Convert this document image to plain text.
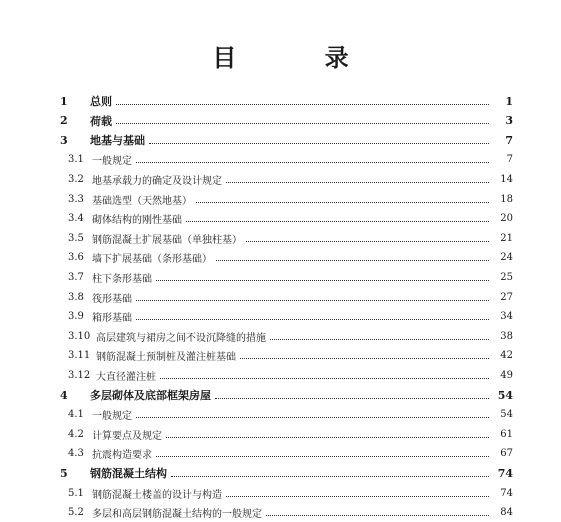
目 录
1	总则	1
2	荷载	3
3	地基与基础	7
3.1 一般规定	7
3.2 地基承载力的确定及设计规定	14
3.3 基础选型（天然地基）	18
3.4 砌体结构的刚性基础	20
3.5 钢筋混凝土扩展基础（单独柱基）	21
3.6 墙下扩展基础（条形基础）	24
3.7 柱下条形基础	25
3.8 筏形基础	27
3.9 箱形基础	34
3.10 高层建筑与裙房之间不设沉降缝的措施	38
3.11 钢筋混凝土预制桩及灌注桩基础	42
3.12 大直径灌注桩	49
4	多层砌体及底部框架房屋	54
4.1 一般规定	54
4.2 计算要点及规定	61
4.3 抗震构造要求	67
5	钢筋混凝土结构	74
5.1 钢筋混凝土楼盖的设计与构造	74
5.2 多层和高层钢筋混凝土结构的一般规定	84
